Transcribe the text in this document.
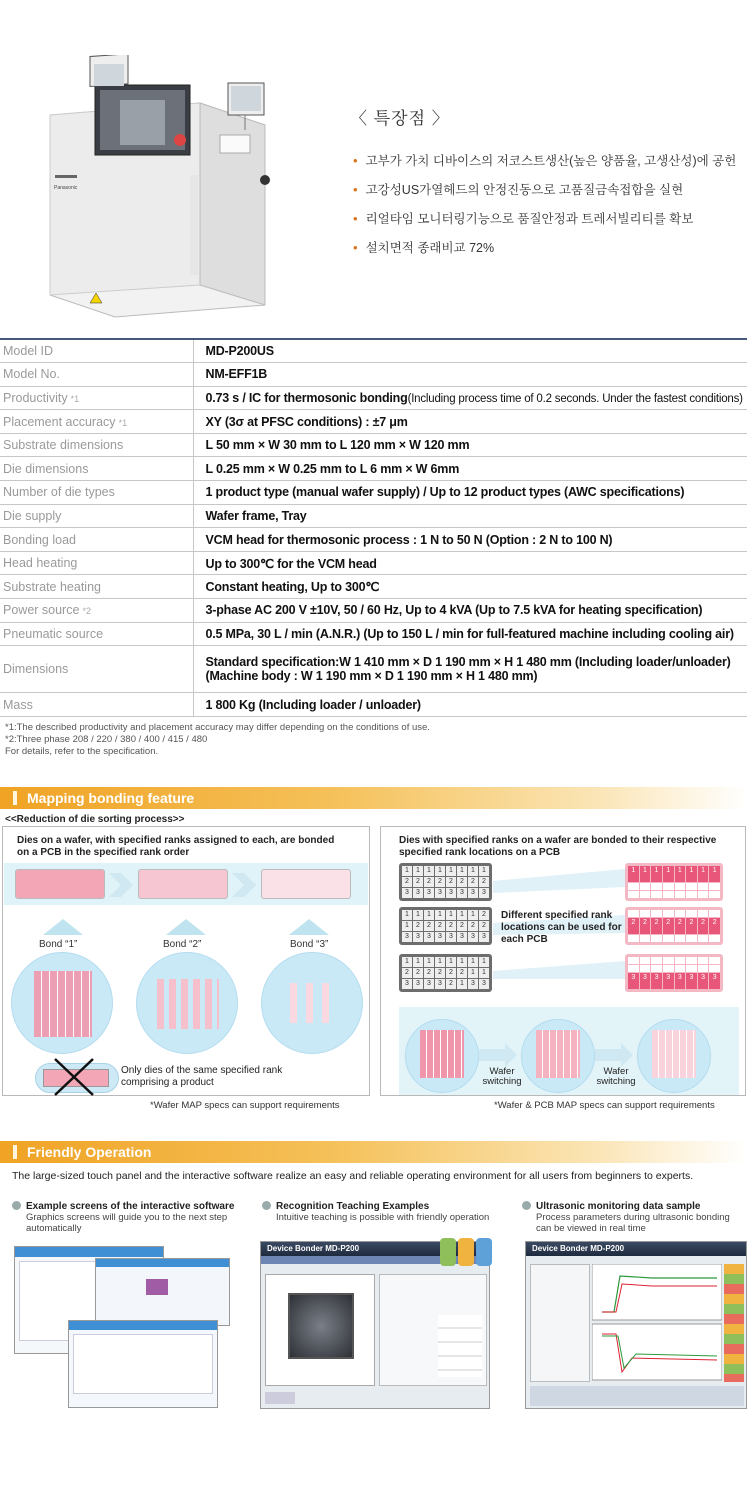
Panasonic
〈 특장점 〉
• 고부가 가치 디바이스의 저코스트생산(높은 양품율, 고생산성)에 공헌
• 고강성US가열헤드의 안정진동으로 고품질금속접합을 실현
• 리얼타임 모니터링기능으로 품질안정과 트레서빌리티를 확보
• 설치면적 종래비교 72%
Model ID	MD-P200US
Model No.	NM-EFF1B
Productivity *1	0.73 s / IC for thermosonic bonding(Including process time of 0.2 seconds. Under the fastest conditions)
Placement accuracy *1	XY (3σ at PFSC conditions) : ±7 μm
Substrate dimensions	L 50 mm × W 30 mm to L 120 mm × W 120 mm
Die dimensions	L 0.25 mm × W 0.25 mm to L 6 mm × W 6mm
Number of die types	1 product type (manual wafer supply) / Up to 12 product types (AWC specifications)
Die supply	Wafer frame, Tray
Bonding load	VCM head for thermosonic process : 1 N to 50 N (Option : 2 N to 100 N)
Head heating	Up to 300℃ for the VCM head
Substrate heating	Constant heating, Up to 300℃
Power source *2	3-phase AC 200 V ±10V, 50 / 60 Hz, Up to 4 kVA (Up to 7.5 kVA for heating specification)
Pneumatic source	0.5 MPa, 30 L / min (A.N.R.) (Up to 150 L / min for full-featured machine including cooling air)
Dimensions	Standard specification:W 1 410 mm × D 1 190 mm × H 1 480 mm (Including loader/unloader)
(Machine body : W 1 190 mm × D 1 190 mm × H 1 480 mm)

Mass	1 800 Kg (Including loader / unloader)
*1:The described productivity and placement accuracy may differ depending on the conditions of use.
*2:Three phase 208 / 220 / 380 / 400 / 415 / 480
For details, refer to the specification.
Mapping bonding feature
<<Reduction of die sorting process>>
Dies on a wafer, with specified ranks assigned to each, are bonded on a PCB in the specified rank order
Bond “1”	Bond “2”	Bond “3”
Only dies of the same specified rank comprising a product
*Wafer MAP specs can support requirements
Dies with specified ranks on a wafer are bonded to their respective specified rank locations on a PCB
1	1	1	1	1	1	1	1
2	2	2	2	2	2	2	2
3	3	3	3	3	3	3	3
1	1	1	1	1	1	1	2
1	2	2	2	2	2	2	2
3	3	3	3	3	3	3	3
1	1	1	1	1	1	1	1
2	2	2	2	2	2	1	1
3	3	3	3	2	1	3	3
1	1	1	1	1	1	1	1
2	2	2	2	2	2	2	2
3	3	3	3	3	3	3	3
Different specified rank locations can be used for each PCB
Wafer switching
Wafer switching
*Wafer & PCB MAP specs can support requirements
Friendly Operation
The large-sized touch panel and the interactive software realize an easy and reliable operating environment for all users from beginners to experts.
Example screens of the interactive software
Graphics screens will guide you to the next step automatically
Recognition Teaching Examples
Intuitive teaching is possible with friendly operation
Ultrasonic monitoring data sample
Process parameters during ultrasonic bonding can be viewed in real time
Device Bonder MD-P200	Device Bonder MD-P200
